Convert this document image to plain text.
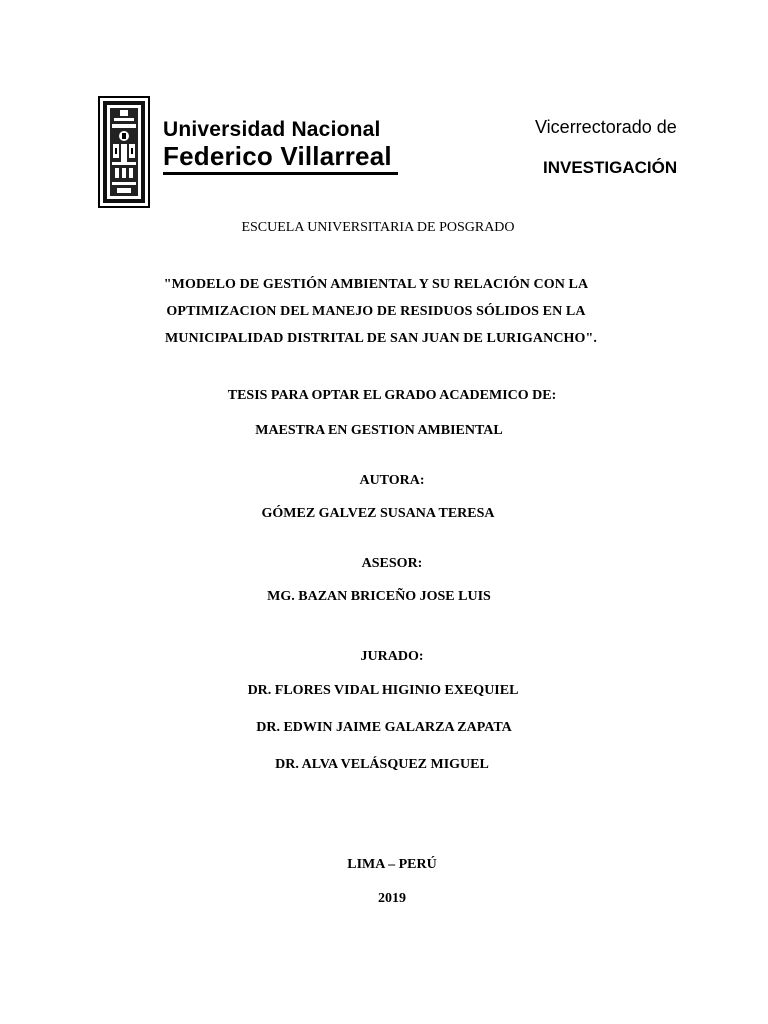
Universidad Nacional
Federico Villarreal
Vicerrectorado de
INVESTIGACIÓN
ESCUELA UNIVERSITARIA DE POSGRADO
"MODELO DE GESTIÓN AMBIENTAL Y SU RELACIÓN CON LA
OPTIMIZACION DEL MANEJO DE RESIDUOS SÓLIDOS EN LA
MUNICIPALIDAD DISTRITAL DE SAN JUAN DE LURIGANCHO".
TESIS PARA OPTAR EL GRADO ACADEMICO DE:
MAESTRA EN GESTION AMBIENTAL
AUTORA:
GÓMEZ GALVEZ SUSANA TERESA
ASESOR:
MG. BAZAN BRICEÑO JOSE LUIS
JURADO:
DR. FLORES VIDAL HIGINIO EXEQUIEL
DR. EDWIN JAIME GALARZA ZAPATA
DR. ALVA VELÁSQUEZ MIGUEL
LIMA – PERÚ
2019
